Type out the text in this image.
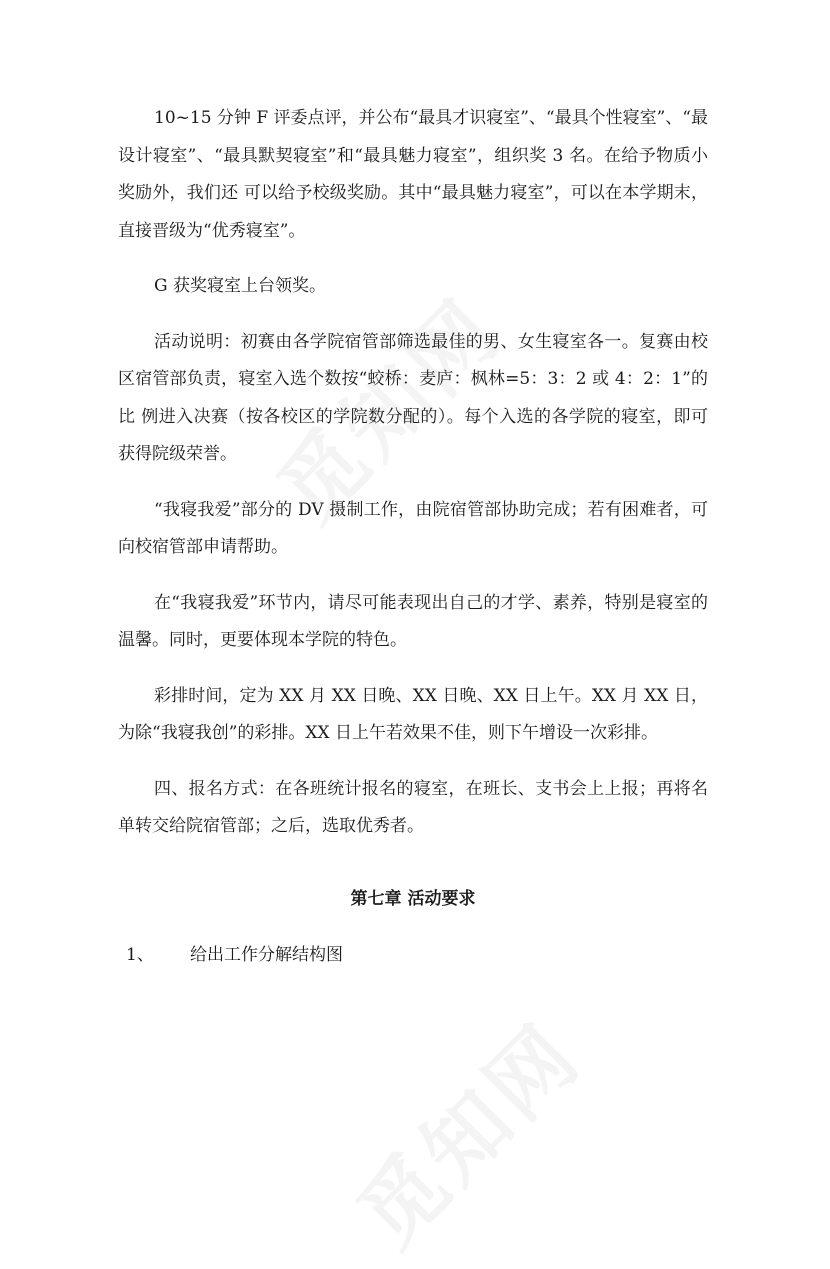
10~15 分钟 F 评委点评，并公布“最具才识寝室”、“最具个性寝室”、“最设计寝室”、“最具默契寝室”和“最具魅力寝室”，组织奖 3 名。在给予物质小奖励外，我们还 可以给予校级奖励。其中“最具魅力寝室”，可以在本学期末，直接晋级为“优秀寝室”。

G 获奖寝室上台领奖。

活动说明：初赛由各学院宿管部筛选最佳的男、女生寝室各一。复赛由校区宿管部负责，寝室入选个数按“蛟桥：麦庐：枫林=5：3：2 或 4：2：1”的比 例进入决赛（按各校区的学院数分配的）。每个入选的各学院的寝室，即可获得院级荣誉。

“我寝我爱”部分的 DV 摄制工作，由院宿管部协助完成；若有困难者，可向校宿管部申请帮助。

在“我寝我爱”环节内，请尽可能表现出自己的才学、素养，特别是寝室的温馨。同时，更要体现本学院的特色。

彩排时间，定为 XX 月 XX 日晚、XX 日晚、XX 日上午。XX 月 XX 日，为除“我寝我创”的彩排。XX 日上午若效果不佳，则下午增设一次彩排。

四、报名方式：在各班统计报名的寝室，在班长、支书会上上报；再将名单转交给院宿管部；之后，选取优秀者。

第七章 活动要求
1、	给出工作分解结构图
